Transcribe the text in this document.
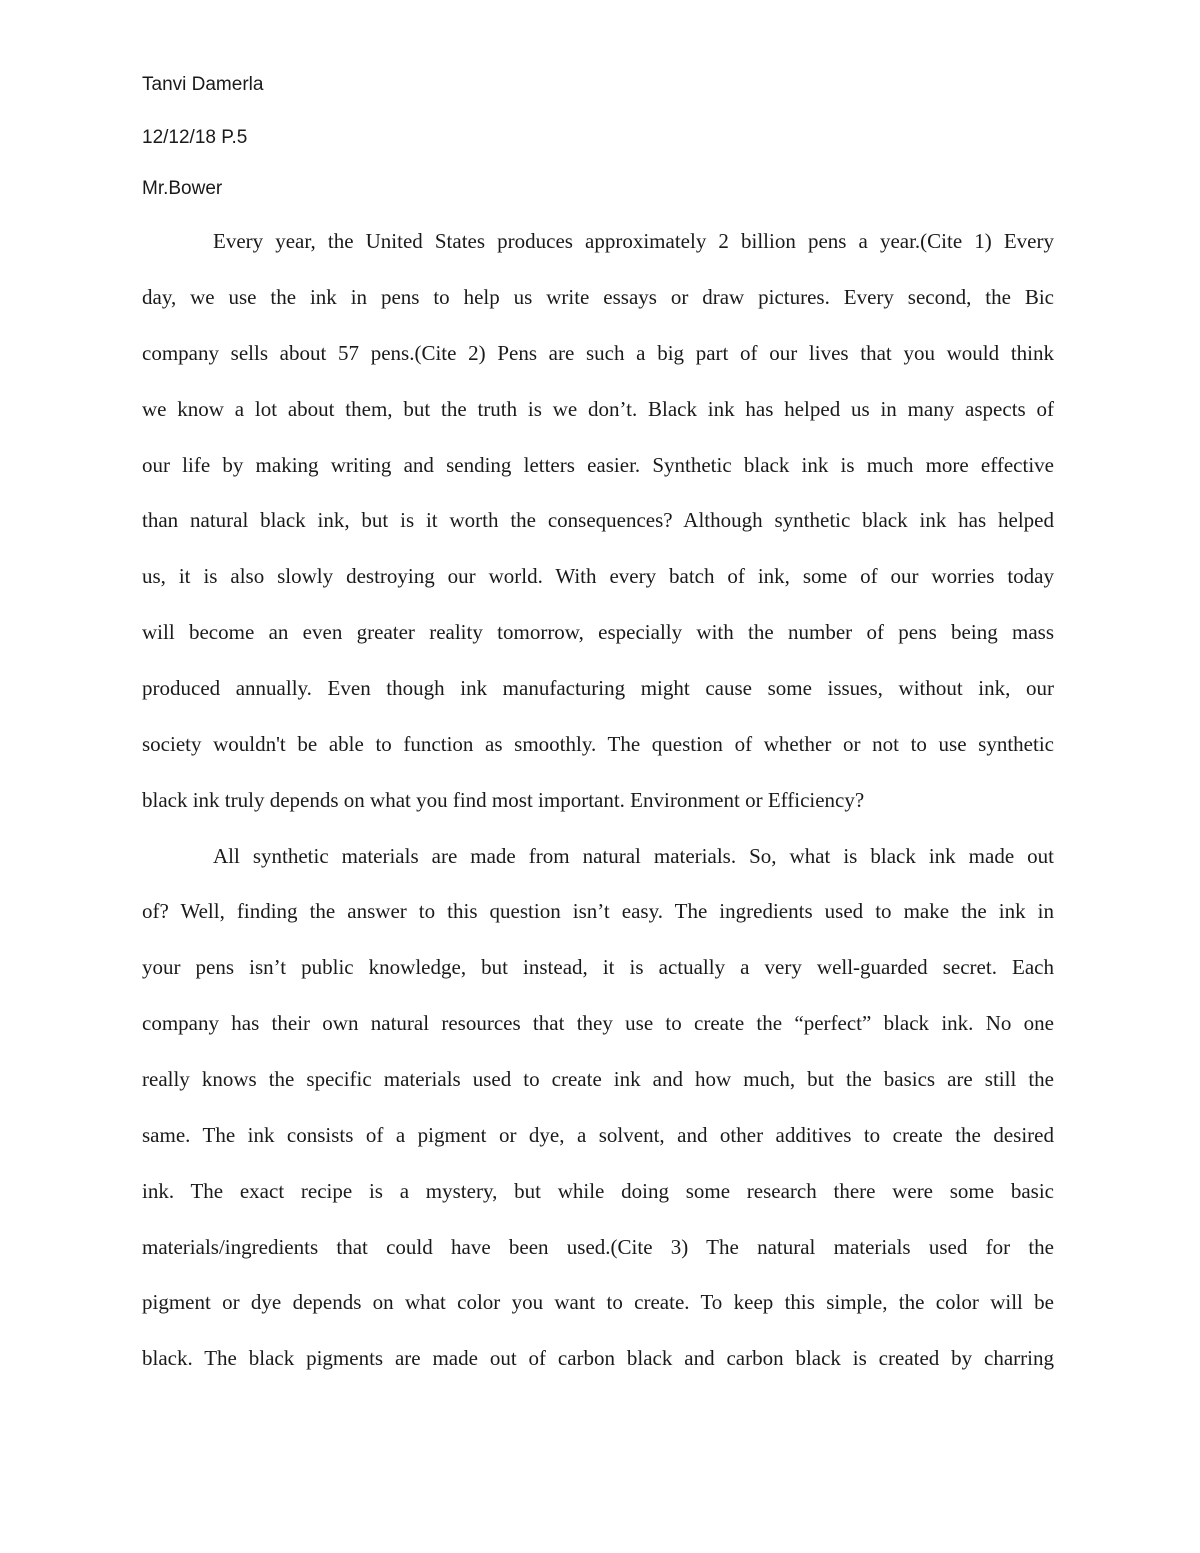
Tanvi Damerla
12/12/18 P.5
Mr.Bower
Every year, the United States produces approximately 2 billion pens a year.(Cite 1) Every
day, we use the ink in pens to help us write essays or draw pictures. Every second, the Bic
company sells about 57 pens.(Cite 2) Pens are such a big part of our lives that you would think
we know a lot about them, but the truth is we don’t. Black ink has helped us in many aspects of
our life by making writing and sending letters easier. Synthetic black ink is much more effective
than natural black ink, but is it worth the consequences? Although synthetic black ink has helped
us, it is also slowly destroying our world. With every batch of ink, some of our worries today
will become an even greater reality tomorrow, especially with the number of pens being mass
produced annually. Even though ink manufacturing might cause some issues, without ink, our
society wouldn't be able to function as smoothly. The question of whether or not to use synthetic
black ink truly depends on what you find most important. Environment or Efficiency?
All synthetic materials are made from natural materials. So, what is black ink made out
of? Well, finding the answer to this question isn’t easy. The ingredients used to make the ink in
your pens isn’t public knowledge, but instead, it is actually a very well-guarded secret. Each
company has their own natural resources that they use to create the “perfect” black ink. No one
really knows the specific materials used to create ink and how much, but the basics are still the
same. The ink consists of a pigment or dye, a solvent, and other additives to create the desired
ink. The exact recipe is a mystery, but while doing some research there were some basic
materials/ingredients that could have been used.(Cite 3) The natural materials used for the
pigment or dye depends on what color you want to create. To keep this simple, the color will be
black. The black pigments are made out of carbon black and carbon black is created by charring
